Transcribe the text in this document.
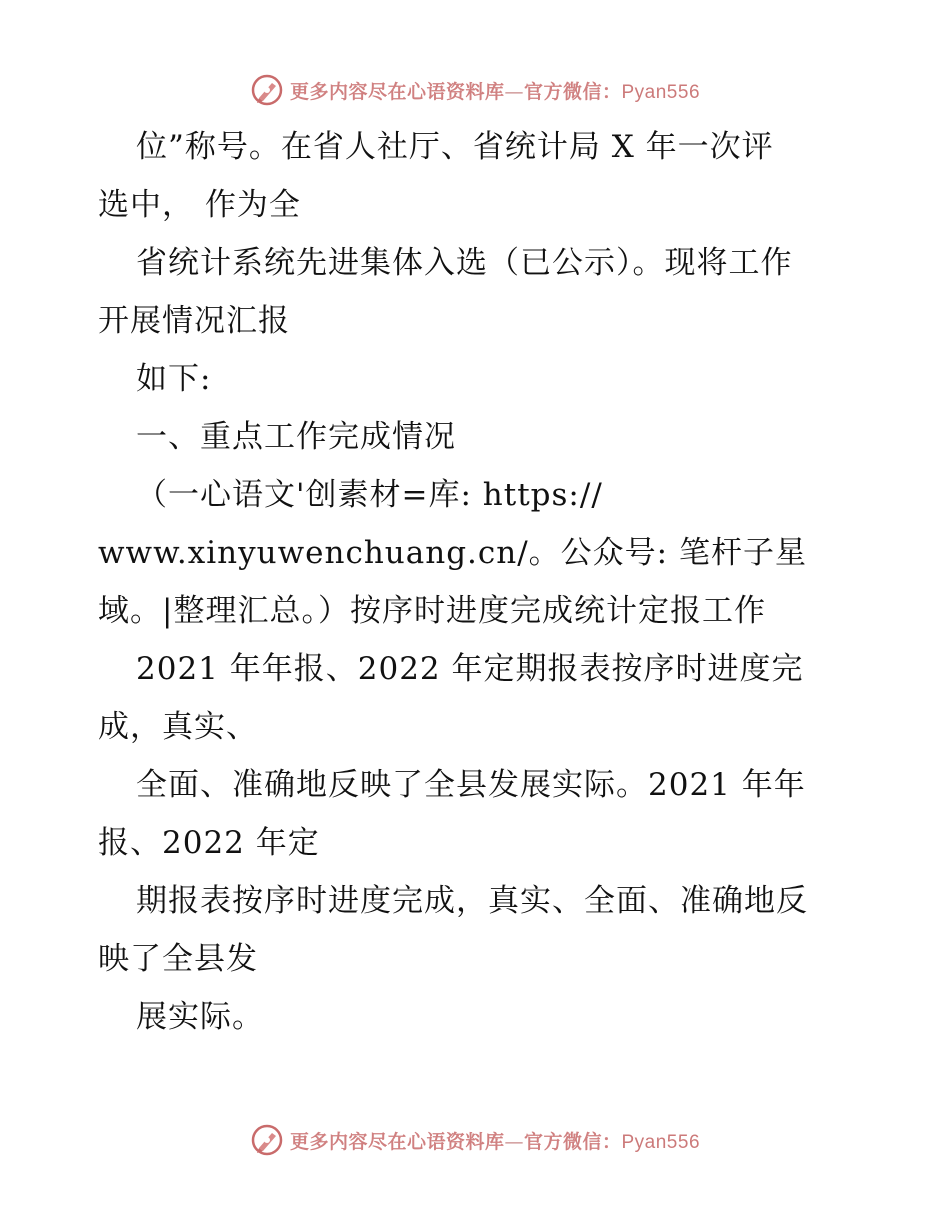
更多内容尽在心语资料库—官方微信：Pyan556
位”称号。在省人社厅、省统计局 X 年一次评
选中， 作为全
省统计系统先进集体入选（已公示）。现将工作
开展情况汇报
如下:
一、重点工作完成情况
（一心语文'创素材=库: https://
www.xinyuwenchuang.cn/。公众号: 笔杆子星
域。|整理汇总。）按序时进度完成统计定报工作
2021 年年报、2022 年定期报表按序时进度完
成，真实、
全面、准确地反映了全县发展实际。2021 年年
报、2022 年定
期报表按序时进度完成，真实、全面、准确地反
映了全县发
展实际。
更多内容尽在心语资料库—官方微信：Pyan556
